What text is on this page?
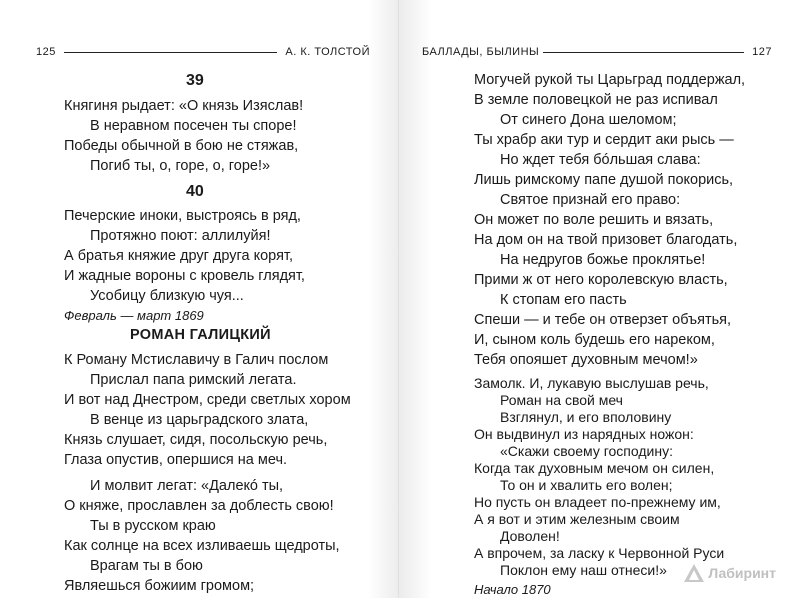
125	А. К. ТОЛСТОЙ
39
Княгиня рыдает: «О князь Изяслав!
В неравном посечен ты споре!
Победы обычной в бою не стяжав,
Погиб ты, о, горе, о, горе!»
40
Печерские иноки, выстроясь в ряд,
Протяжно поют: аллилуйя!
А братья княжие друг друга корят,
И жадные вороны с кровель глядят,
Усобицу близкую чуя...
Февраль — март 1869
РОМАН ГАЛИЦКИЙ
К Роману Мстиславичу в Галич послом
Прислал папа римский легата.
И вот над Днестром, среди светлых хором
В венце из царьградского злата,
Князь слушает, сидя, посольскую речь,
Глаза опустив, опершися на меч.
И молвит легат: «Далекó ты,
О княже, прославлен за доблесть свою!
Ты в русском краю
Как солнце на всех изливаешь щедроты,
Врагам ты в бою
Являешься божиим громом;
БАЛЛАДЫ, БЫЛИНЫ	127
Могучей рукой ты Царьград поддержал,
В земле половецкой не раз испивал
От синего Дона шеломом;
Ты храбр аки тур и сердит аки рысь —
Но ждет тебя бóльшая слава:
Лишь римскому папе душой покорись,
Святое признай его право:
Он может по воле решить и вязать,
На дом он на твой призовет благодать,
На недругов божье проклятье!
Прими ж от него королевскую власть,
К стопам его пасть
Спеши — и тебе он отверзет объятья,
И, сыном коль будешь его нареком,
Тебя опояшет духовным мечом!»
Замолк. И, лукавую выслушав речь,
Роман на свой меч
Взглянул, и его вполовину
Он выдвинул из нарядных ножон:
«Скажи своему господину:
Когда так духовным мечом он силен,
То он и хвалить его волен;
Но пусть он владеет по-прежнему им,
А я вот и этим железным своим
Доволен!
А впрочем, за ласку к Червонной Руси
Поклон ему наш отнеси!»
Начало 1870
Лабиринт
